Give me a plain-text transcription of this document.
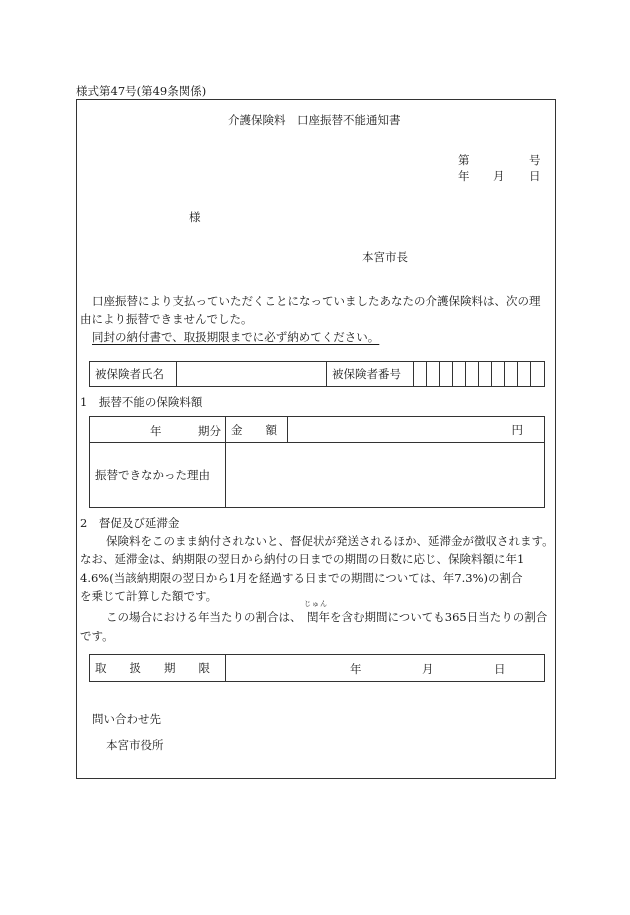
様式第47号(第49条関係)
介護保険料　口座振替不能通知書
第	号
年 月 日
様
本宮市長
口座振替により支払っていただくことになっていましたあなたの介護保険料は、次の理
由により振替できませんでした。
同封の納付書で、取扱期限までに必ず納めてください。
被保険者氏名		被保険者番号										
1　振替不能の保険料額
年 期分	金　　額	円
振替できなかった理由		
2　督促及び延滞金
保険料をこのまま納付されないと、督促状が発送されるほか、延滞金が徴収されます。
なお、延滞金は、納期限の翌日から納付の日までの期間の日数に応じ、保険料額に年1
4.6%(当該納期限の翌日から1月を経過する日までの期間については、年7.3%)の割合
を乗じて計算した額です。
この場合における年当たりの割合は、
じゅん
閏年を含む期間についても365日当たりの割合
です。
取　　扱　　期　　限	年	月	日
問い合わせ先
本宮市役所
